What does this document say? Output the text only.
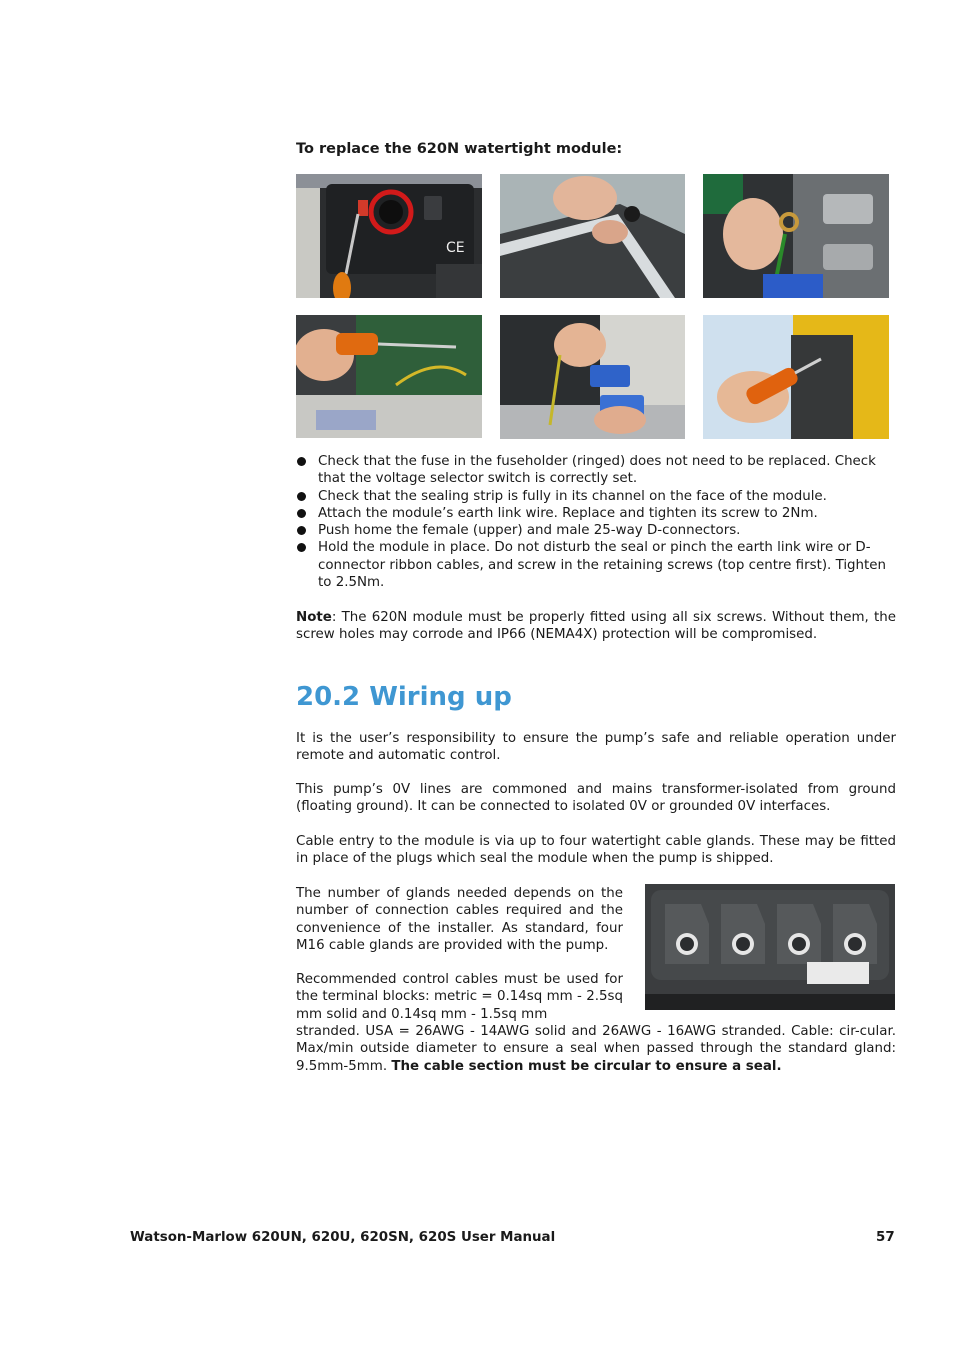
To replace the 620N watertight module:
CE
Check that the fuse in the fuseholder (ringed) does not need to be replaced. Check that the voltage selector switch is correctly set.
Check that the sealing strip is fully in its channel on the face of the module.
Attach the module’s earth link wire. Replace and tighten its screw to 2Nm.
Push home the female (upper) and male 25-way D-connectors.
Hold the module in place. Do not disturb the seal or pinch the earth link wire or D-connector ribbon cables, and screw in the retaining screws (top centre first). Tighten to 2.5Nm.
Note: The 620N module must be properly fitted using all six screws. Without them, the screw holes may corrode and IP66 (NEMA4X) protection will be compromised.
20.2 Wiring up
It is the user’s responsibility to ensure the pump’s safe and reliable operation under remote and automatic control.
This pump’s 0V lines are commoned and mains transformer-isolated from ground (floating ground). It can be connected to isolated 0V or grounded 0V interfaces.
Cable entry to the module is via up to four watertight cable glands. These may be fitted in place of the plugs which seal the module when the pump is shipped.
The number of glands needed depends on the number of connection cables required and the convenience of the installer. As standard, four M16 cable glands are provided with the pump.
Recommended control cables must be used for the terminal blocks: metric = 0.14sq mm - 2.5sq mm solid and 0.14sq mm - 1.5sq mm
stranded. USA = 26AWG - 14AWG solid and 26AWG - 16AWG stranded. Cable: cir-cular. Max/min outside diameter to ensure a seal when passed through the standard gland: 9.5mm-5mm. The cable section must be circular to ensure a seal.
Watson-Marlow 620UN, 620U, 620SN, 620S User Manual	57
